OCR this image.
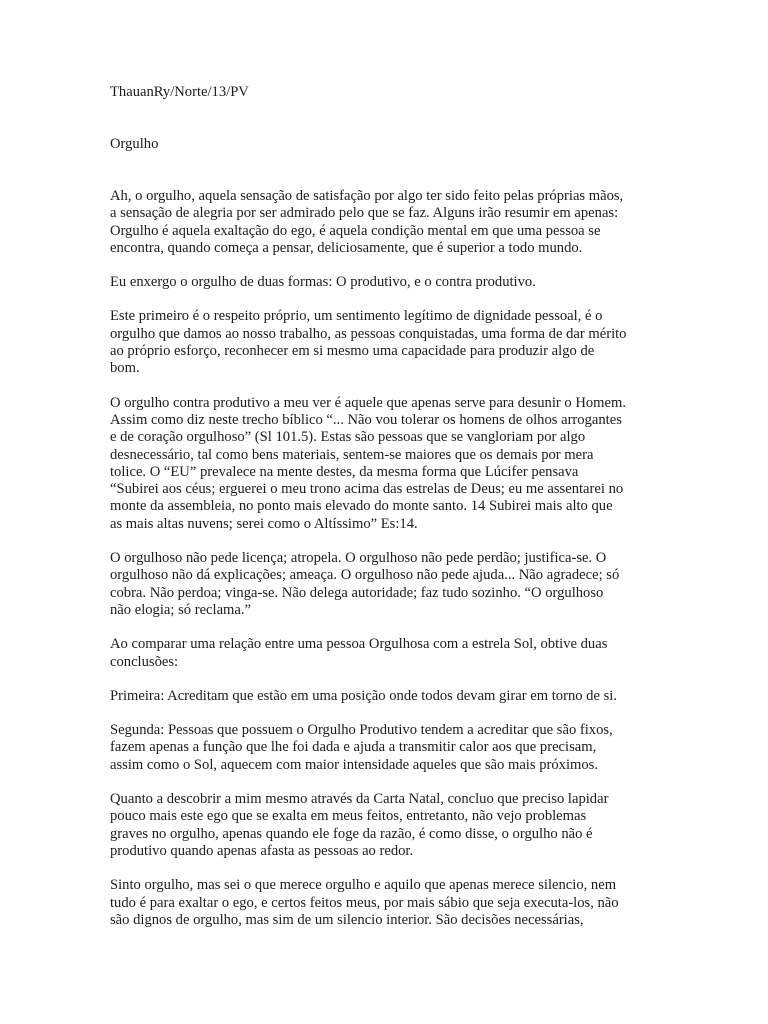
ThauanRy/Norte/13/PV

Orgulho

Ah, o orgulho, aquela sensação de satisfação por algo ter sido feito pelas próprias mãos,
a sensação de alegria por ser admirado pelo que se faz. Alguns irão resumir em apenas:
Orgulho é aquela exaltação do ego, é aquela condição mental em que uma pessoa se
encontra, quando começa a pensar, deliciosamente, que é superior a todo mundo.

Eu enxergo o orgulho de duas formas: O produtivo, e o contra produtivo.

Este primeiro é o respeito próprio, um sentimento legítimo de dignidade pessoal, é o
orgulho que damos ao nosso trabalho, as pessoas conquistadas, uma forma de dar mérito
ao próprio esforço, reconhecer em si mesmo uma capacidade para produzir algo de
bom.

O orgulho contra produtivo a meu ver é aquele que apenas serve para desunir o Homem.
Assim como diz neste trecho bíblico “... Não vou tolerar os homens de olhos arrogantes
e de coração orgulhoso” (Sl 101.5). Estas são pessoas que se vangloriam por algo
desnecessário, tal como bens materiais, sentem-se maiores que os demais por mera
tolice. O “EU” prevalece na mente destes, da mesma forma que Lúcifer pensava
“Subirei aos céus; erguerei o meu trono acima das estrelas de Deus; eu me assentarei no
monte da assembleia, no ponto mais elevado do monte santo. 14 Subirei mais alto que
as mais altas nuvens; serei como o Altíssimo” Es:14.

O orgulhoso não pede licença; atropela. O orgulhoso não pede perdão; justifica-se. O
orgulhoso não dá explicações; ameaça. O orgulhoso não pede ajuda... Não agradece; só
cobra. Não perdoa; vinga-se. Não delega autoridade; faz tudo sozinho. “O orgulhoso
não elogia; só reclama.”

Ao comparar uma relação entre uma pessoa Orgulhosa com a estrela Sol, obtive duas
conclusões:

Primeira: Acreditam que estão em uma posição onde todos devam girar em torno de si.

Segunda: Pessoas que possuem o Orgulho Produtivo tendem a acreditar que são fixos,
fazem apenas a função que lhe foi dada e ajuda a transmitir calor aos que precisam,
assim como o Sol, aquecem com maior intensidade aqueles que são mais próximos.

Quanto a descobrir a mim mesmo através da Carta Natal, concluo que preciso lapidar
pouco mais este ego que se exalta em meus feitos, entretanto, não vejo problemas
graves no orgulho, apenas quando ele foge da razão, é como disse, o orgulho não é
produtivo quando apenas afasta as pessoas ao redor.

Sinto orgulho, mas sei o que merece orgulho e aquilo que apenas merece silencio, nem
tudo é para exaltar o ego, e certos feitos meus, por mais sábio que seja executa-los, não
são dignos de orgulho, mas sim de um silencio interior. São decisões necessárias,
